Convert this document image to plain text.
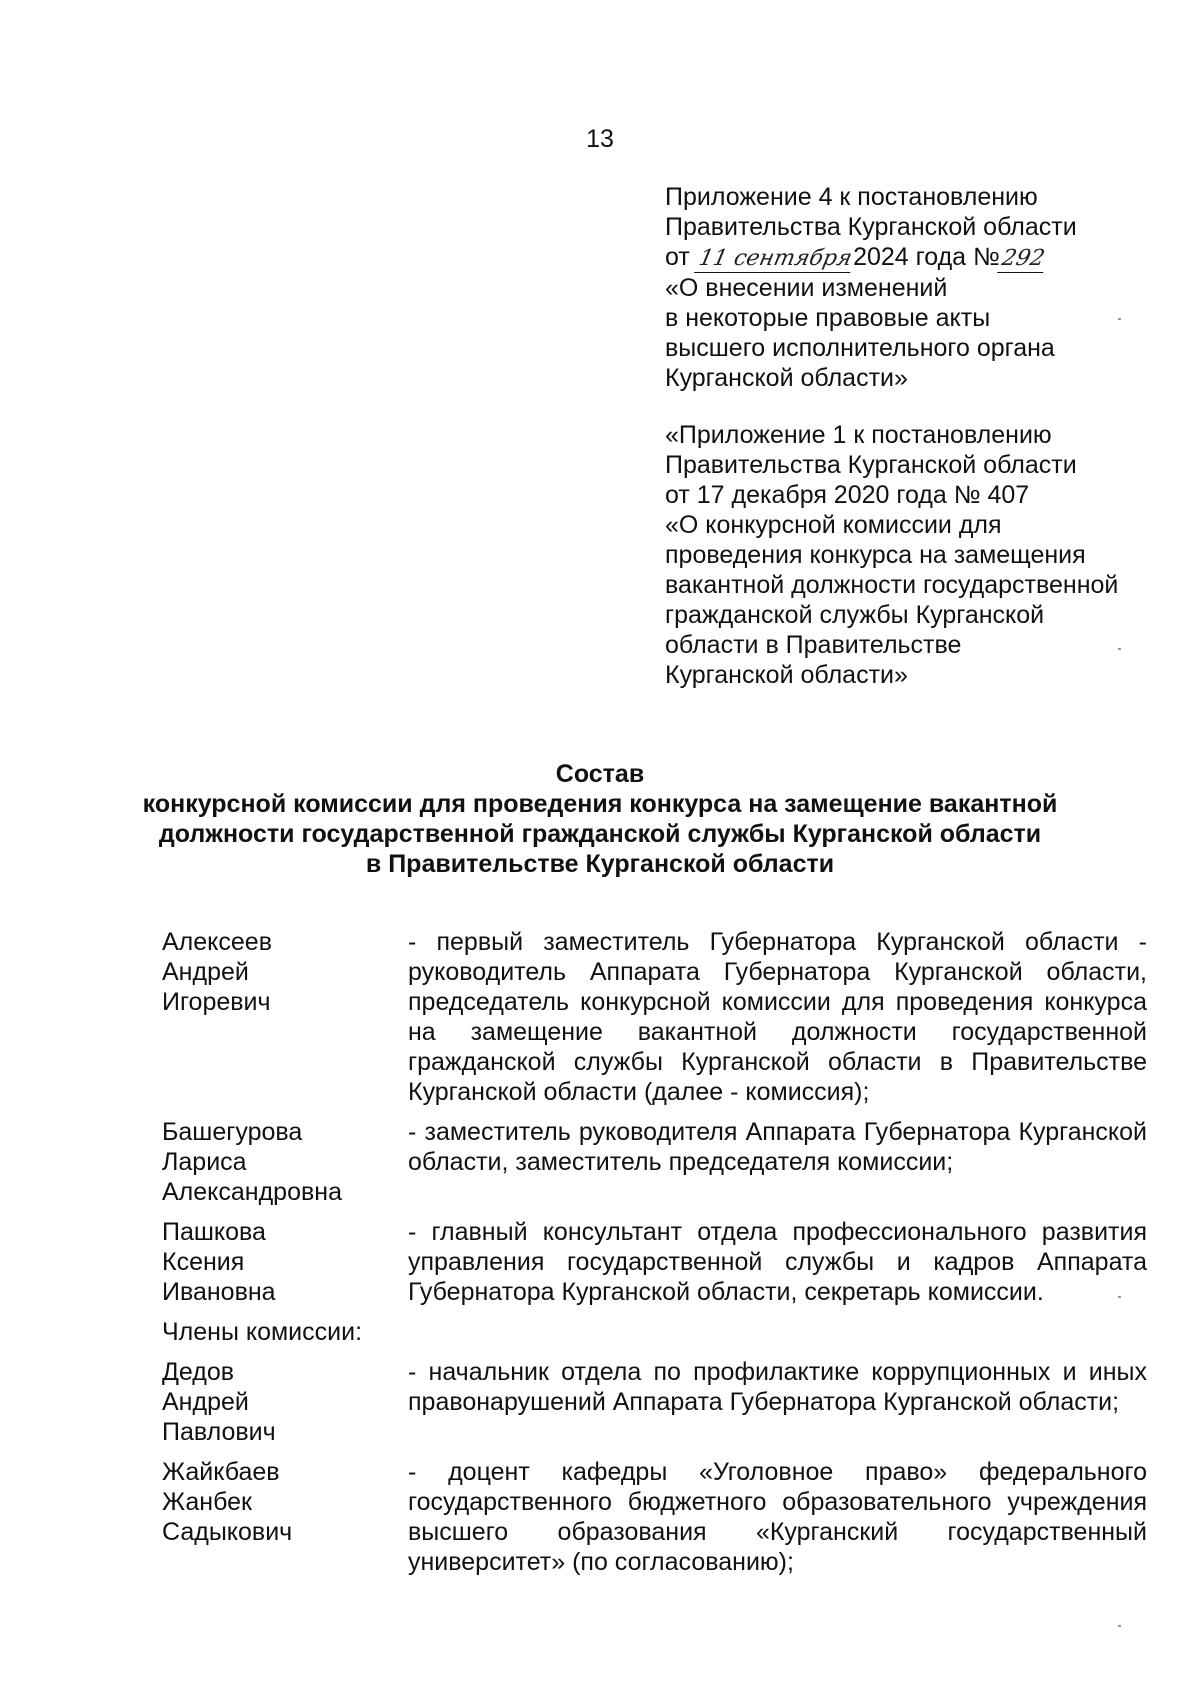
13
Приложение 4 к постановлению
Правительства Курганской области
от 11 сентября2024 года №292
«О внесении изменений
в некоторые правовые акты
высшего исполнительного органа
Курганской области»
«Приложение 1 к постановлению
Правительства Курганской области
от 17 декабря 2020 года № 407
«О конкурсной комиссии для
проведения конкурса на замещения
вакантной должности государственной
гражданской службы Курганской
области в Правительстве
Курганской области»
Состав
конкурсной комиссии для проведения конкурса на замещение вакантной
должности государственной гражданской службы Курганской области
в Правительстве Курганской области
Алексеев
Андрей
Игоревич
- первый заместитель Губернатора Курганской области - руководитель Аппарата Губернатора Курганской области, председатель конкурсной комиссии для проведения конкурса на замещение вакантной должности государственной гражданской службы Курганской области в Правительстве Курганской области (далее - комиссия);
Башегурова
Лариса
Александровна
- заместитель руководителя Аппарата Губернатора Курганской области, заместитель председателя комиссии;
Пашкова
Ксения
Ивановна
- главный консультант отдела профессионального развития управления государственной службы и кадров Аппарата Губернатора Курганской области, секретарь комиссии.
Члены комиссии:
Дедов
Андрей
Павлович
- начальник отдела по профилактике коррупционных и иных правонарушений Аппарата Губернатора Курганской области;
Жайкбаев
Жанбек
Садыкович
- доцент кафедры «Уголовное право» федерального государственного бюджетного образовательного учреждения высшего образования «Курганский государственный университет» (по согласованию);
